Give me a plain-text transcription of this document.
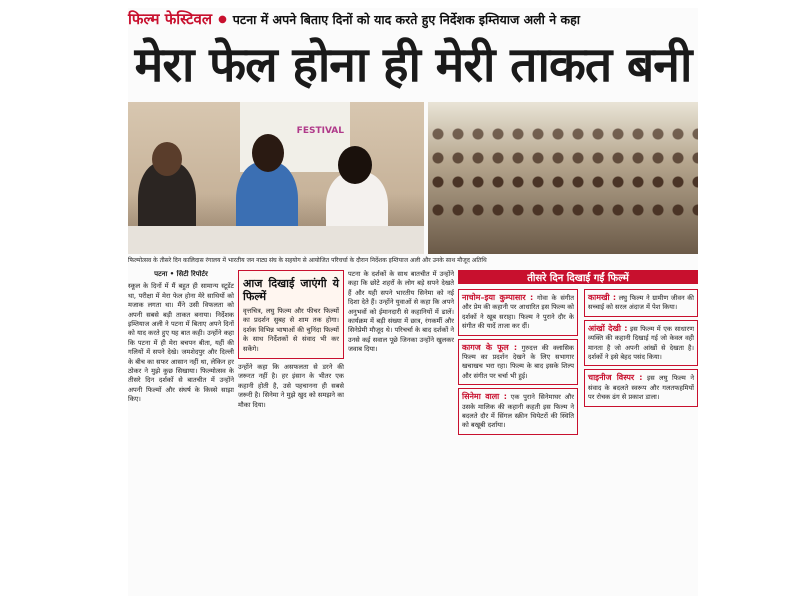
फिल्म फेस्टिवल ● पटना में अपने बिताए दिनों को याद करते हुए निर्देशक इम्तियाज अली ने कहा
मेरा फेल होना ही मेरी ताकत बनी
FESTIVAL
फिल्मोत्सव के तीसरे दिन कालिदास रंगालय में भारतीय जन नाट्य संघ के सहयोग से आयोजित परिचर्चा के दौरान निर्देशक इम्तियाज अली और उनके साथ मौजूद अतिथि
पटना • सिटी रिपोर्टर
स्कूल के दिनों में मैं बहुत ही सामान्य स्टूडेंट था, परीक्षा में मेरा फेल होना मेरे साथियों को मजाक लगता था। मैंने उसी विफलता को अपनी सबसे बड़ी ताकत बनाया। निर्देशक इम्तियाज अली ने पटना में बिताए अपने दिनों को याद करते हुए यह बात कही। उन्होंने कहा कि पटना में ही मेरा बचपन बीता, यहीं की गलियों में सपने देखे। जमशेदपुर और दिल्ली के बीच का सफर आसान नहीं था, लेकिन हर ठोकर ने मुझे कुछ सिखाया। फिल्मोत्सव के तीसरे दिन दर्शकों से बातचीत में उन्होंने अपनी फिल्मों और संघर्ष के किस्से साझा किए।
आज दिखाई जाएंगी ये फिल्में
वृत्तचित्र, लघु फिल्म और फीचर फिल्मों का प्रदर्शन सुबह से शाम तक होगा। दर्शक विभिन्न भाषाओं की चुनिंदा फिल्मों के साथ निर्देशकों से संवाद भी कर सकेंगे।
उन्होंने कहा कि असफलता से डरने की जरूरत नहीं है। हर इंसान के भीतर एक कहानी होती है, उसे पहचानना ही सबसे जरूरी है। सिनेमा ने मुझे खुद को समझने का मौका दिया।
पटना के दर्शकों के साथ बातचीत में उन्होंने कहा कि छोटे शहरों के लोग बड़े सपने देखते हैं और यही सपने भारतीय सिनेमा को नई दिशा देते हैं। उन्होंने युवाओं से कहा कि अपने अनुभवों को ईमानदारी से कहानियों में ढालें। कार्यक्रम में बड़ी संख्या में छात्र, रंगकर्मी और सिनेप्रेमी मौजूद थे। परिचर्चा के बाद दर्शकों ने उनसे कई सवाल पूछे जिनका उन्होंने खुलकर जवाब दिया।
तीसरे दिन दिखाई गईं फिल्में
नाचोम–इया कुम्पासार : गोवा के संगीत और प्रेम की कहानी पर आधारित इस फिल्म को दर्शकों ने खूब सराहा। फिल्म ने पुराने दौर के संगीत की यादें ताजा कर दीं।
कागज के फूल : गुरुदत्त की क्लासिक फिल्म का प्रदर्शन देखने के लिए सभागार खचाखच भरा रहा। फिल्म के बाद इसके शिल्प और संगीत पर चर्चा भी हुई।
सिनेमा वाला : एक पुराने सिनेमाघर और उसके मालिक की कहानी कहती इस फिल्म ने बदलते दौर में सिंगल स्क्रीन थियेटरों की स्थिति को बखूबी दर्शाया।
कामखी : लघु फिल्म ने ग्रामीण जीवन की सच्चाई को सरल अंदाज में पेश किया।
आंखों देखी : इस फिल्म में एक साधारण व्यक्ति की कहानी दिखाई गई जो केवल वही मानता है जो अपनी आंखों से देखता है। दर्शकों ने इसे बेहद पसंद किया।
चाइनीज विस्पर : इस लघु फिल्म ने संवाद के बदलते स्वरूप और गलतफहमियों पर रोचक ढंग से प्रकाश डाला।
